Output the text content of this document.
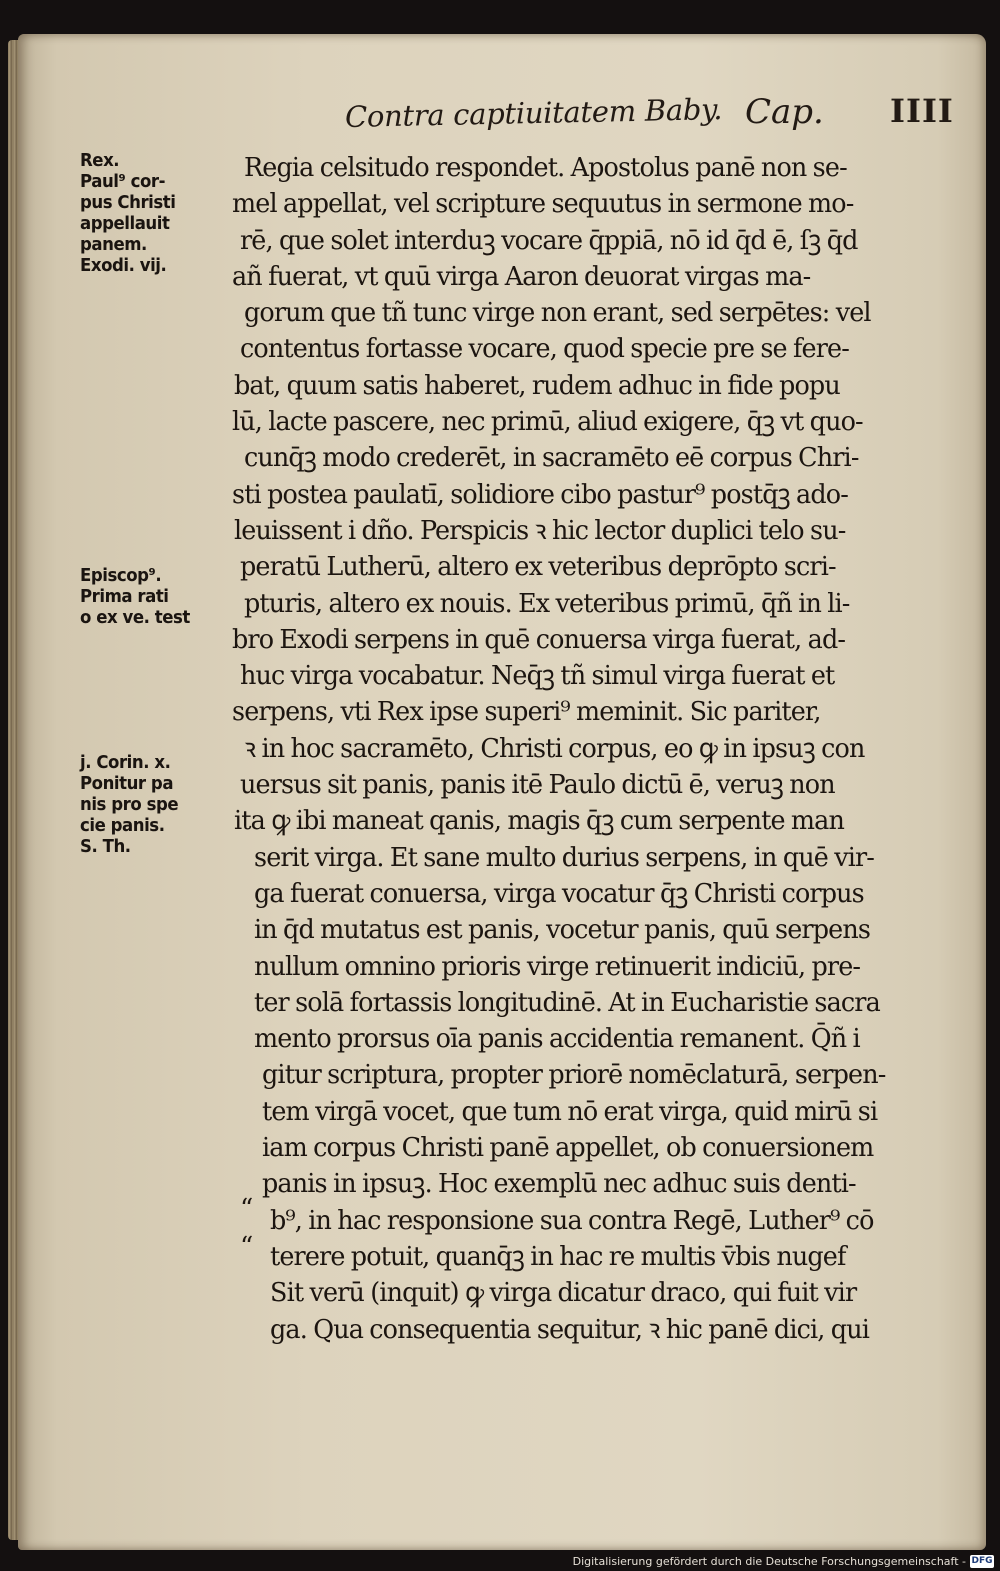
Contra captiuitatem Baby. Cap. IIII
Rex.
Paul⁹ cor-
pus Christi
appellauit
panem.
Exodi. vij.
Episcop⁹.
Prima rati
o ex ve. test
j. Corin. x.
Ponitur pa
nis pro spe
cie panis.
S. Th.
Regia celsitudo respondet. Apostolus panē non se-
mel appellat, vel scripture sequutus in sermone mo-
rē, que solet interduꝫ vocare q̄ppiā, nō id q̄d ē, ſꝫ q̄d
añ fuerat, vt quū virga Aaron deuorat virgas ma-
gorum que tñ tunc virge non erant, sed serpētes: vel
contentus fortasse vocare, quod specie pre se fere-
bat, quum satis haberet, rudem adhuc in fide popu
lū, lacte pascere, nec primū, aliud exigere, q̄ꝫ vt quo-
cunq̄ꝫ modo crederēt, in sacramēto eē corpus Chri-
sti postea paulatī, solidiore cibo pastur⁹ postq̄ꝫ ado-
leuissent i dño. Perspicis ꝛ hic lector duplici telo su-
peratū Lutherū, altero ex veteribus deprōpto scri-
pturis, altero ex nouis. Ex veteribus primū, q̄ñ in li-
bro Exodi serpens in quē conuersa virga fuerat, ad-
huc virga vocabatur. Neq̄ꝫ tñ simul virga fuerat et
serpens, vti Rex ipse superi⁹ meminit. Sic pariter,
ꝛ in hoc sacramēto, Christi corpus, eo ꝙ in ipsuꝫ con
uersus sit panis, panis itē Paulo dictū ē, veruꝫ non
ita ꝙ ibi maneat qanis, magis q̄ꝫ cum serpente man
serit virga. Et sane multo durius serpens, in quē vir-
ga fuerat conuersa, virga vocatur q̄ꝫ Christi corpus
in q̄d mutatus est panis, vocetur panis, quū serpens
nullum omnino prioris virge retinuerit indiciū, pre-
ter solā fortassis longitudinē. At in Eucharistie sacra
mento prorsus oīa panis accidentia remanent. Q̄ñ i
gitur scriptura, propter priorē nomēclaturā, serpen-
tem virgā vocet, que tum nō erat virga, quid mirū si
iam corpus Christi panē appellet, ob conuersionem
panis in ipsuꝫ. Hoc exemplū nec adhuc suis denti-
b⁹, in hac responsione sua contra Regē, Luther⁹ cō
terere potuit, quanq̄ꝫ in hac re multis v̄bis nugef
Sit verū (inquit) ꝙ virga dicatur draco, qui fuit vir
ga. Qua consequentia sequitur, ꝛ hic panē dici, qui
“
“
Digitalisierung gefördert durch die Deutsche Forschungsgemeinschaft - DFG
